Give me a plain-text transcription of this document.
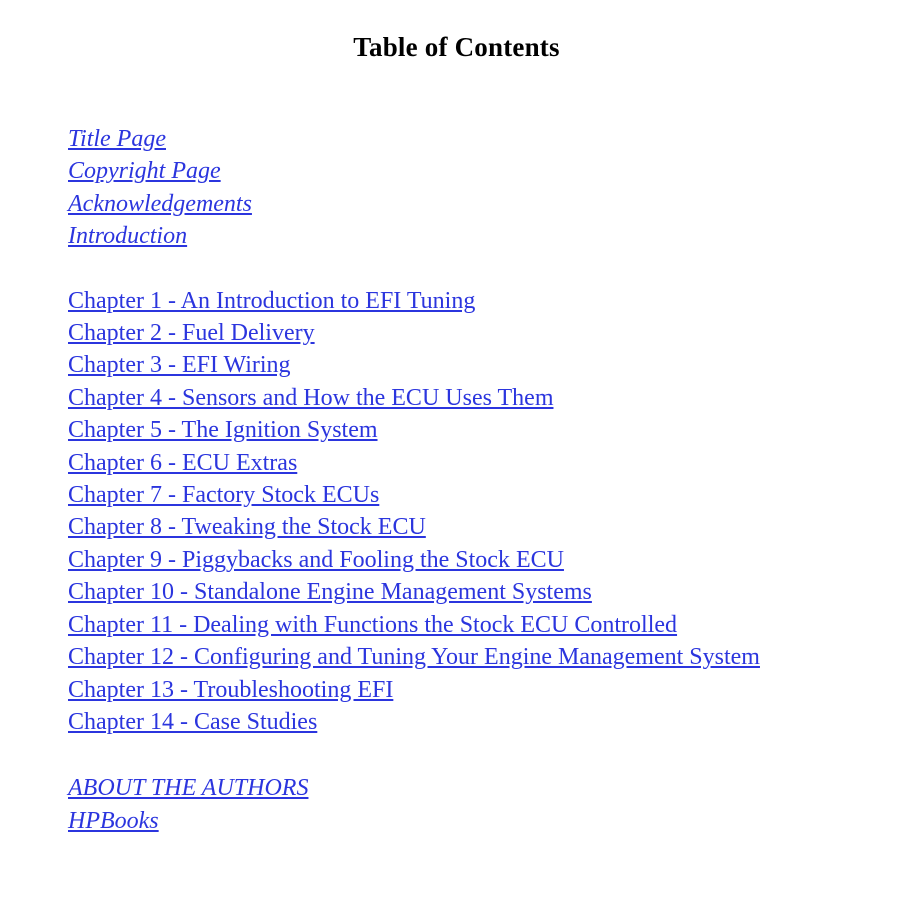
Table of Contents
Title Page
Copyright Page
Acknowledgements
Introduction
Chapter 1 - An Introduction to EFI Tuning
Chapter 2 - Fuel Delivery
Chapter 3 - EFI Wiring
Chapter 4 - Sensors and How the ECU Uses Them
Chapter 5 - The Ignition System
Chapter 6 - ECU Extras
Chapter 7 - Factory Stock ECUs
Chapter 8 - Tweaking the Stock ECU
Chapter 9 - Piggybacks and Fooling the Stock ECU
Chapter 10 - Standalone Engine Management Systems
Chapter 11 - Dealing with Functions the Stock ECU Controlled
Chapter 12 - Configuring and Tuning Your Engine Management System
Chapter 13 - Troubleshooting EFI
Chapter 14 - Case Studies
ABOUT THE AUTHORS
HPBooks
